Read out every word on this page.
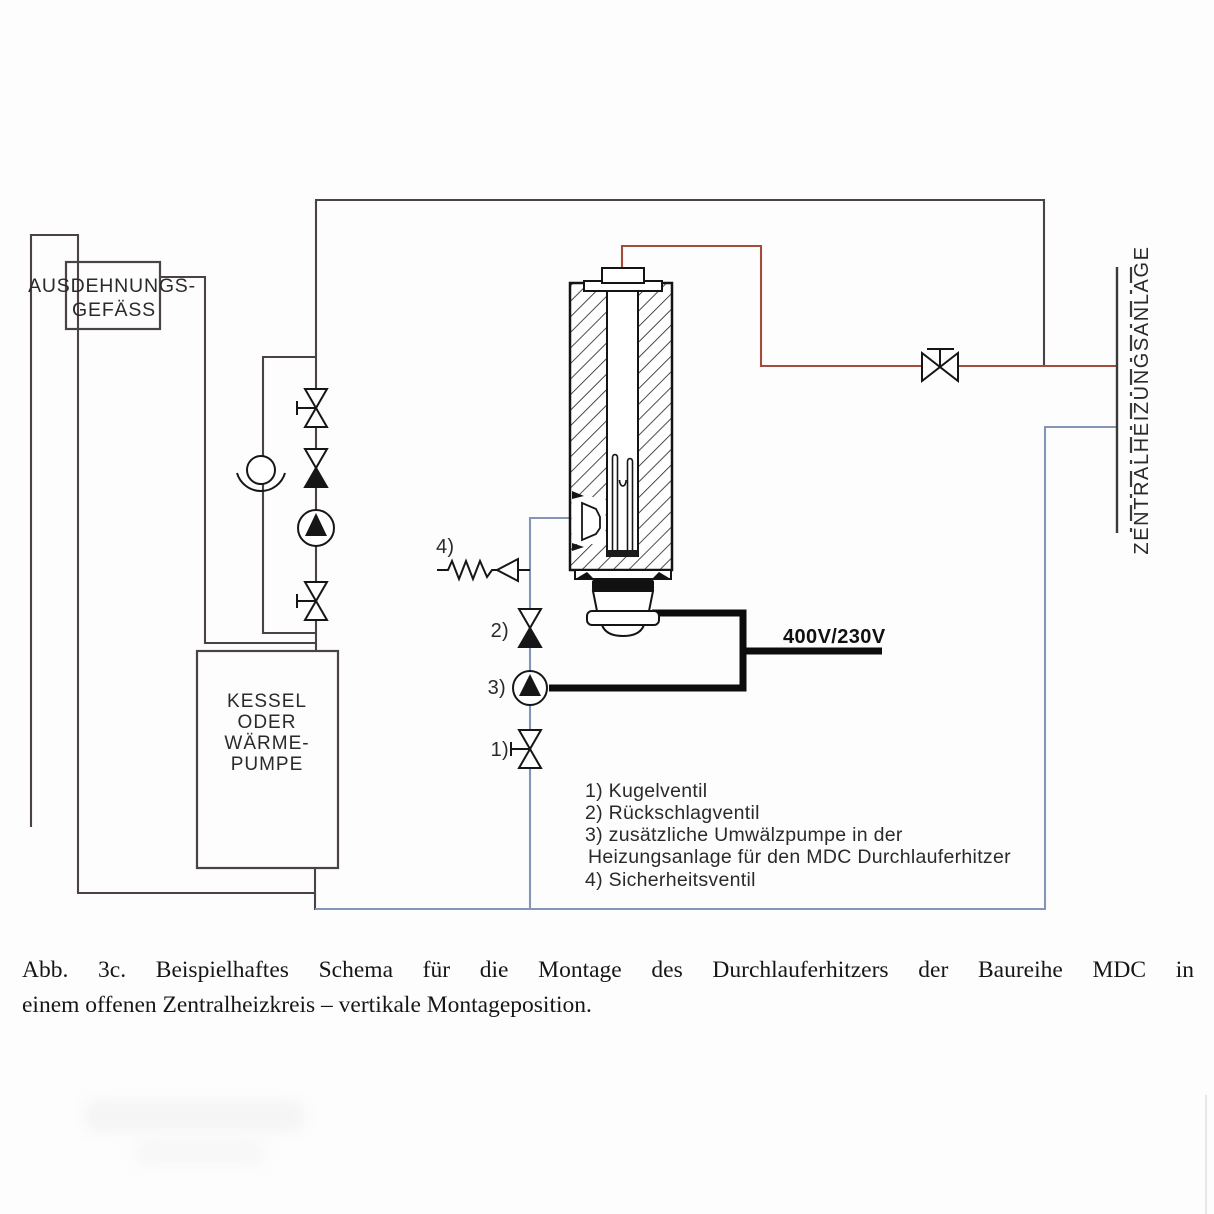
AUSDEHNUNGS-
GEFÄSS
KESSEL
ODER
WÄRME-
PUMPE
ZENTRALHEIZUNGSANLAGE
400V/230V
4)
2)
3)
1)
1) Kugelventil
2) Rückschlagventil
3) zusätzliche Umwälzpumpe in der
Heizungsanlage für den MDC Durchlauferhitzer
4) Sicherheitsventil
Abb. 3c. Beispielhaftes Schema für die Montage des Durchlauferhitzers der Baureihe MDC in
einem offenen Zentralheizkreis – vertikale Montageposition.
